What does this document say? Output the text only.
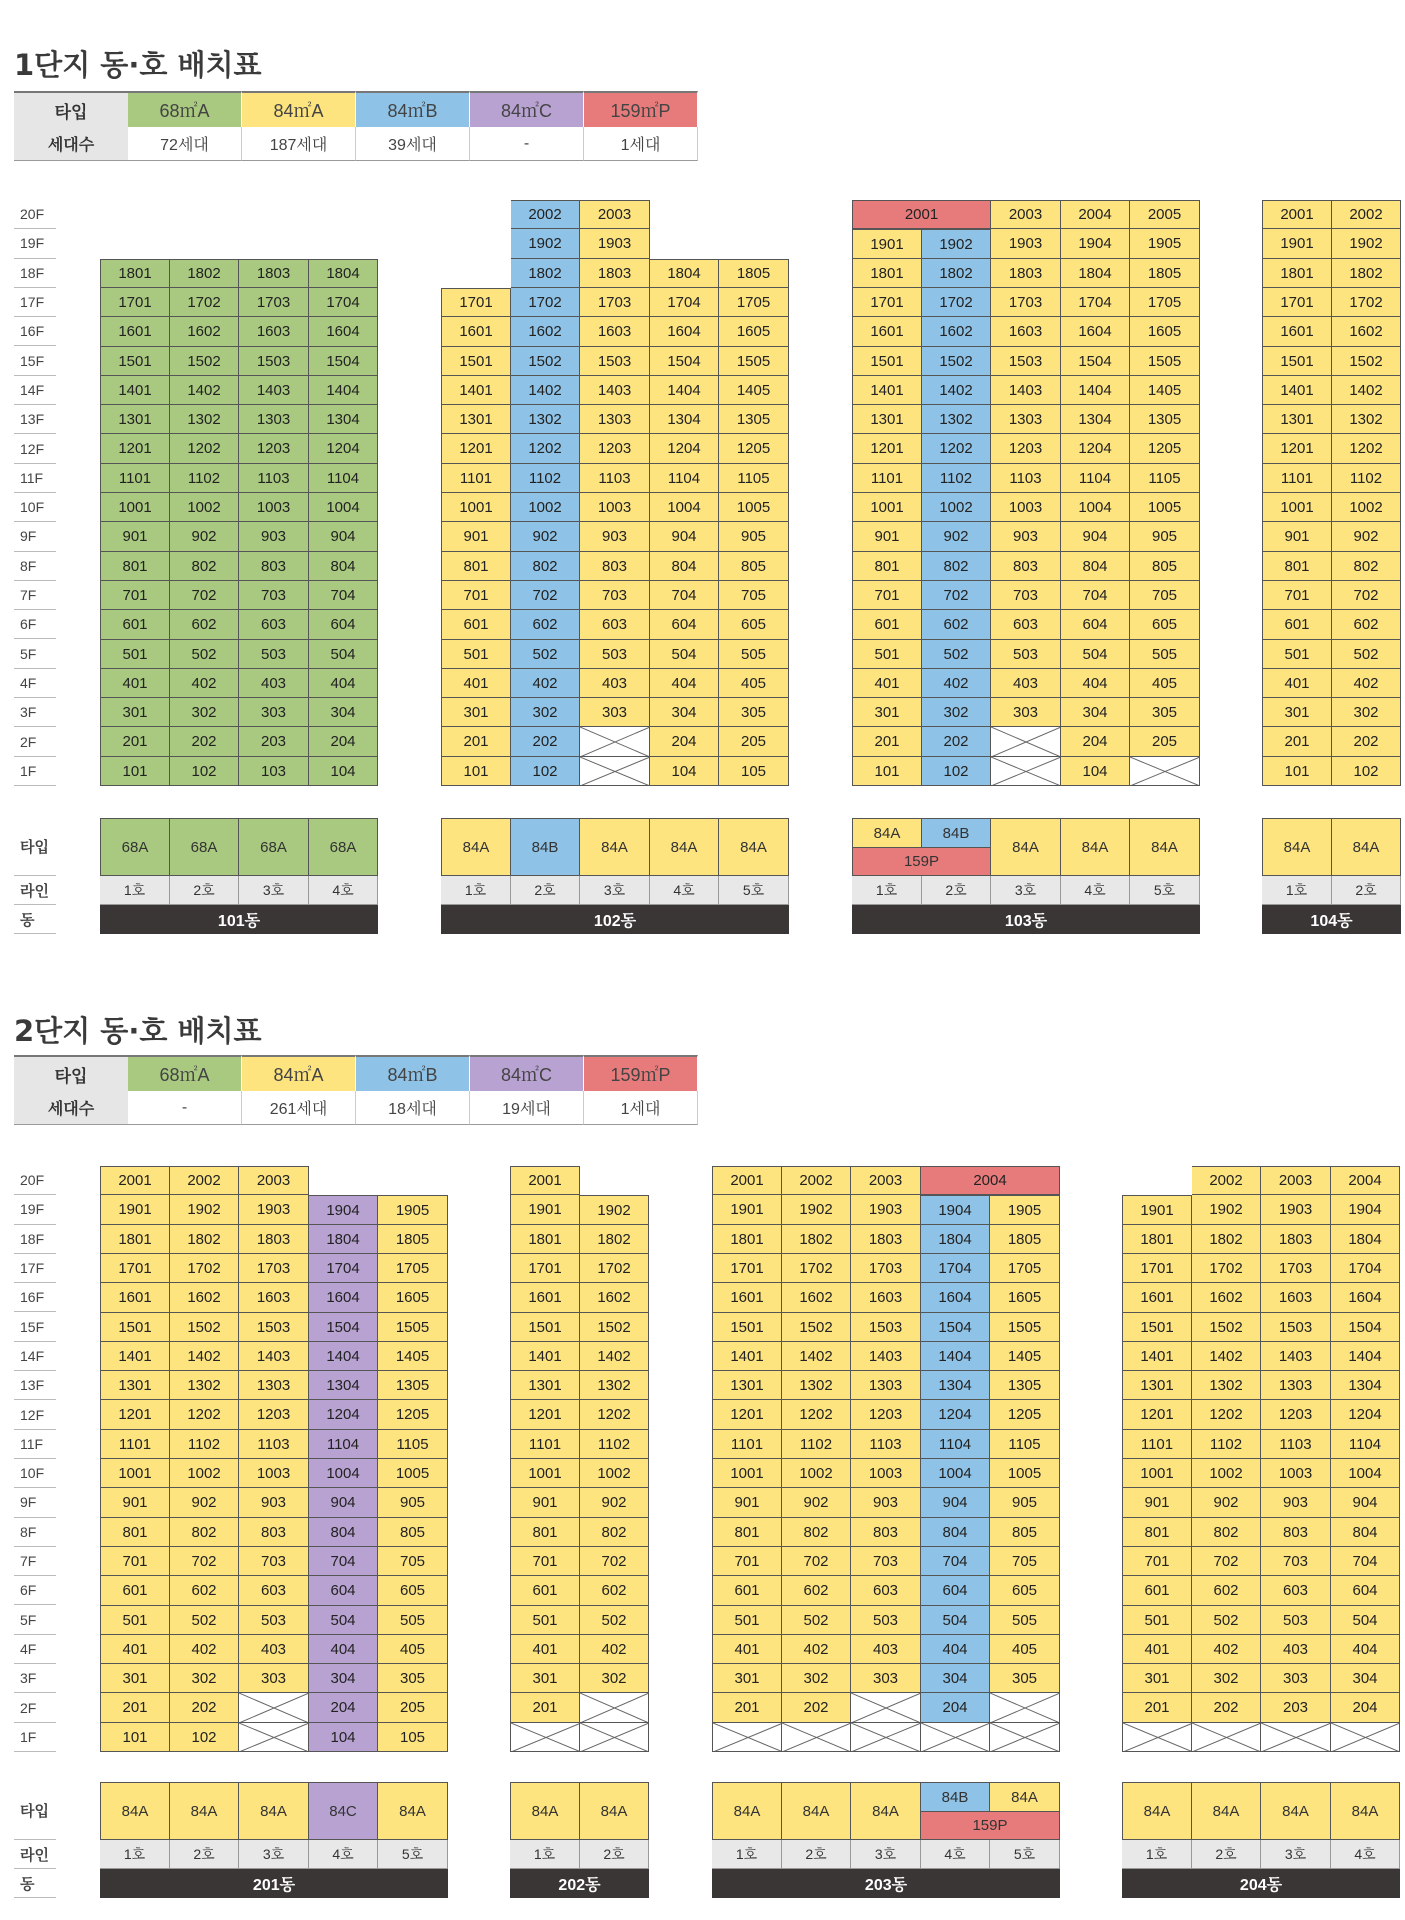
1단지 동·호 배치표
타입
세대수
68㎡A
72세대
84㎡A
187세대
84㎡B
39세대
84㎡C
-
159㎡P
1세대
20F
19F
18F
17F
16F
15F
14F
13F
12F
11F
10F
9F
8F
7F
6F
5F
4F
3F
2F
1F
타입
라인
동
1801
1701
1601
1501
1401
1301
1201
1101
1001
901
801
701
601
501
401
301
201
101
68A
1호
1802
1702
1602
1502
1402
1302
1202
1102
1002
902
802
702
602
502
402
302
202
102
68A
2호
1803
1703
1603
1503
1403
1303
1203
1103
1003
903
803
703
603
503
403
303
203
103
68A
3호
1804
1704
1604
1504
1404
1304
1204
1104
1004
904
804
704
604
504
404
304
204
104
68A
4호
101동
1701
1601
1501
1401
1301
1201
1101
1001
901
801
701
601
501
401
301
201
101
84A
1호
2002
1902
1802
1702
1602
1502
1402
1302
1202
1102
1002
902
802
702
602
502
402
302
202
102
84B
2호
2003
1903
1803
1703
1603
1503
1403
1303
1203
1103
1003
903
803
703
603
503
403
303
84A
3호
1804
1704
1604
1504
1404
1304
1204
1104
1004
904
804
704
604
504
404
304
204
104
84A
4호
1805
1705
1605
1505
1405
1305
1205
1105
1005
905
805
705
605
505
405
305
205
105
84A
5호
102동
1901
1801
1701
1601
1501
1401
1301
1201
1101
1001
901
801
701
601
501
401
301
201
101
1호
1902
1802
1702
1602
1502
1402
1302
1202
1102
1002
902
802
702
602
502
402
302
202
102
2호
2003
1903
1803
1703
1603
1503
1403
1303
1203
1103
1003
903
803
703
603
503
403
303
84A
3호
2004
1904
1804
1704
1604
1504
1404
1304
1204
1104
1004
904
804
704
604
504
404
304
204
104
84A
4호
2005
1905
1805
1705
1605
1505
1405
1305
1205
1105
1005
905
805
705
605
505
405
305
205
84A
5호
2001
84A	84B
159P
103동
2001
1901
1801
1701
1601
1501
1401
1301
1201
1101
1001
901
801
701
601
501
401
301
201
101
84A
1호
2002
1902
1802
1702
1602
1502
1402
1302
1202
1102
1002
902
802
702
602
502
402
302
202
102
84A
2호
104동
2단지 동·호 배치표
타입
세대수
68㎡A
-
84㎡A
261세대
84㎡B
18세대
84㎡C
19세대
159㎡P
1세대
20F
19F
18F
17F
16F
15F
14F
13F
12F
11F
10F
9F
8F
7F
6F
5F
4F
3F
2F
1F
타입
라인
동
2001
1901
1801
1701
1601
1501
1401
1301
1201
1101
1001
901
801
701
601
501
401
301
201
101
84A
1호
2002
1902
1802
1702
1602
1502
1402
1302
1202
1102
1002
902
802
702
602
502
402
302
202
102
84A
2호
2003
1903
1803
1703
1603
1503
1403
1303
1203
1103
1003
903
803
703
603
503
403
303
84A
3호
1904
1804
1704
1604
1504
1404
1304
1204
1104
1004
904
804
704
604
504
404
304
204
104
84C
4호
1905
1805
1705
1605
1505
1405
1305
1205
1105
1005
905
805
705
605
505
405
305
205
105
84A
5호
201동
2001
1901
1801
1701
1601
1501
1401
1301
1201
1101
1001
901
801
701
601
501
401
301
201
84A
1호
1902
1802
1702
1602
1502
1402
1302
1202
1102
1002
902
802
702
602
502
402
302
84A
2호
202동
2001
1901
1801
1701
1601
1501
1401
1301
1201
1101
1001
901
801
701
601
501
401
301
201
84A
1호
2002
1902
1802
1702
1602
1502
1402
1302
1202
1102
1002
902
802
702
602
502
402
302
202
84A
2호
2003
1903
1803
1703
1603
1503
1403
1303
1203
1103
1003
903
803
703
603
503
403
303
84A
3호
1904
1804
1704
1604
1504
1404
1304
1204
1104
1004
904
804
704
604
504
404
304
204
4호
1905
1805
1705
1605
1505
1405
1305
1205
1105
1005
905
805
705
605
505
405
305
5호
2004
84B	84A
159P
203동
1901
1801
1701
1601
1501
1401
1301
1201
1101
1001
901
801
701
601
501
401
301
201
84A
1호
2002
1902
1802
1702
1602
1502
1402
1302
1202
1102
1002
902
802
702
602
502
402
302
202
84A
2호
2003
1903
1803
1703
1603
1503
1403
1303
1203
1103
1003
903
803
703
603
503
403
303
203
84A
3호
2004
1904
1804
1704
1604
1504
1404
1304
1204
1104
1004
904
804
704
604
504
404
304
204
84A
4호
204동
